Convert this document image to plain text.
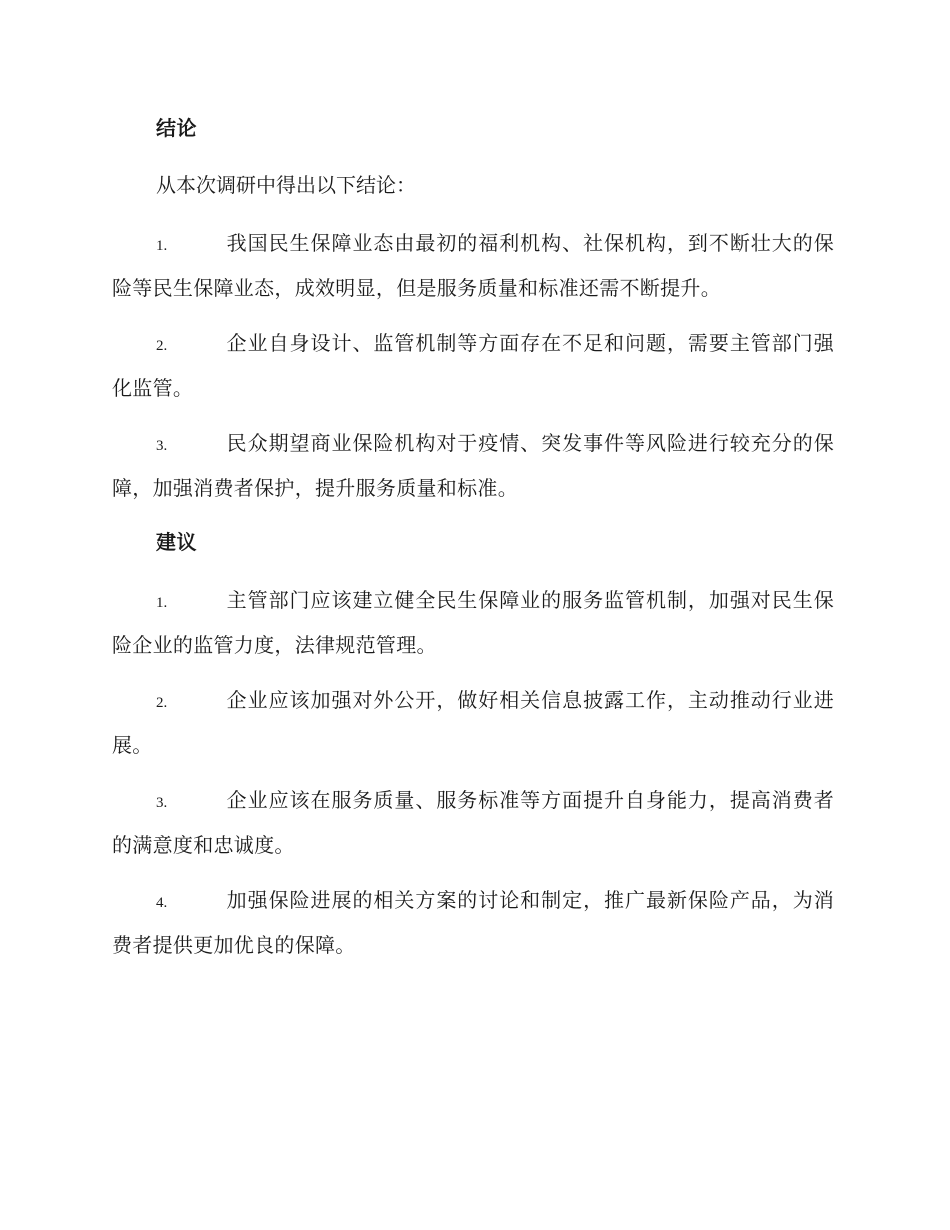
结论
从本次调研中得出以下结论：
1.	我国民生保障业态由最初的福利机构、社保机构，到不断壮大的保险等民生保障业态，成效明显，但是服务质量和标准还需不断提升。
2.	企业自身设计、监管机制等方面存在不足和问题，需要主管部门强化监管。
3.	民众期望商业保险机构对于疫情、突发事件等风险进行较充分的保障，加强消费者保护，提升服务质量和标准。
建议
1.	主管部门应该建立健全民生保障业的服务监管机制，加强对民生保险企业的监管力度，法律规范管理。
2.	企业应该加强对外公开，做好相关信息披露工作，主动推动行业进展。
3.	企业应该在服务质量、服务标准等方面提升自身能力，提高消费者的满意度和忠诚度。
4.	加强保险进展的相关方案的讨论和制定，推广最新保险产品，为消费者提供更加优良的保障。
